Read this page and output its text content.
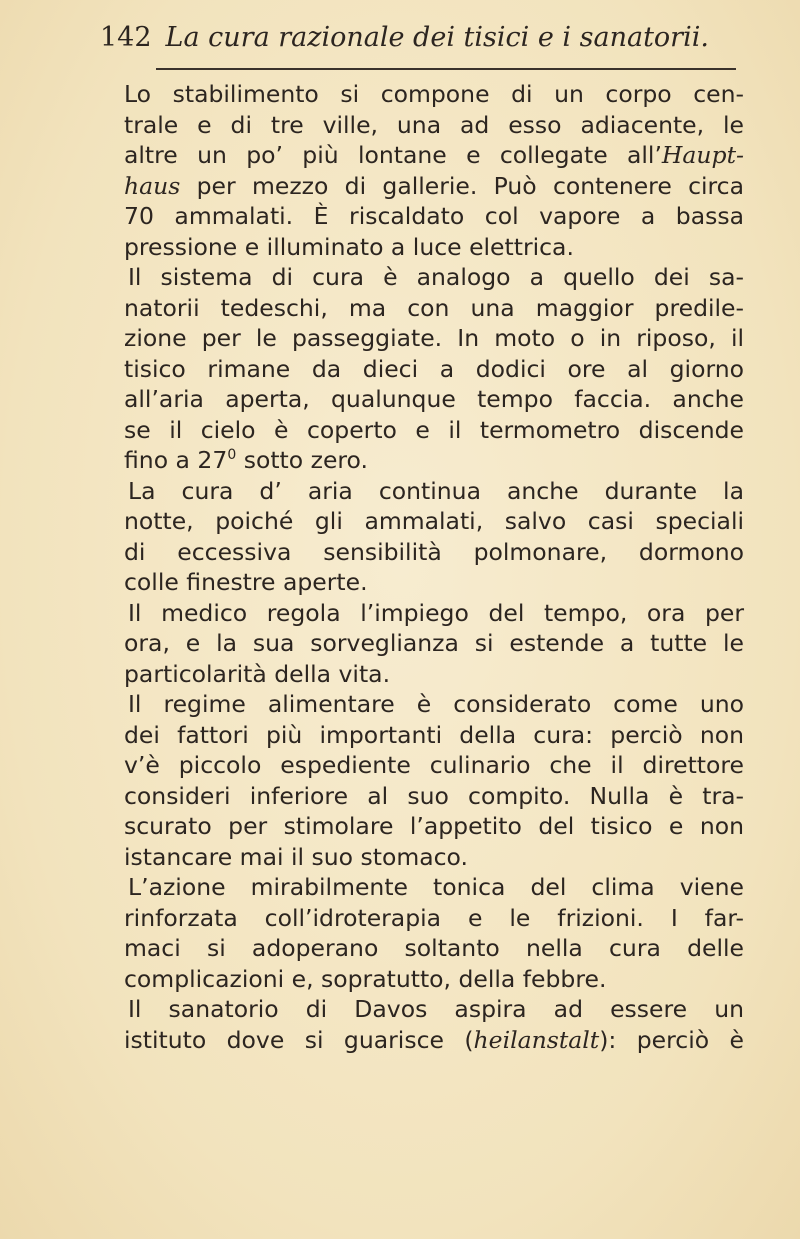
142 La cura razionale dei tisici e i sanatorii.
Lo stabilimento si compone di un corpo cen-
trale e di tre ville, una ad esso adiacente, le
altre un po’ più lontane e collegate all’Haupt-
haus per mezzo di gallerie. Può contenere circa
70 ammalati. È riscaldato col vapore a bassa
pressione e illuminato a luce elettrica.
Il sistema di cura è analogo a quello dei sa-
natorii tedeschi, ma con una maggior predile-
zione per le passeggiate. In moto o in riposo, il
tisico rimane da dieci a dodici ore al giorno
all’aria aperta, qualunque tempo faccia. anche
se il cielo è coperto e il termometro discende
fino a $27^0$ sotto zero.
La cura d’ aria continua anche durante la
notte, poiché gli ammalati, salvo casi speciali
di eccessiva sensibilità polmonare, dormono
colle finestre aperte.
Il medico regola l’impiego del tempo, ora per
ora, e la sua sorveglianza si estende a tutte le
particolarità della vita.
Il regime alimentare è considerato come uno
dei fattori più importanti della cura: perciò non
v’è piccolo espediente culinario che il direttore
consideri inferiore al suo compito. Nulla è tra-
scurato per stimolare l’appetito del tisico e non
istancare mai il suo stomaco.
L’azione mirabilmente tonica del clima viene
rinforzata coll’idroterapia e le frizioni. I far-
maci si adoperano soltanto nella cura delle
complicazioni e, sopratutto, della febbre.
Il sanatorio di Davos aspira ad essere un
istituto dove si guarisce (heilanstalt): perciò è
